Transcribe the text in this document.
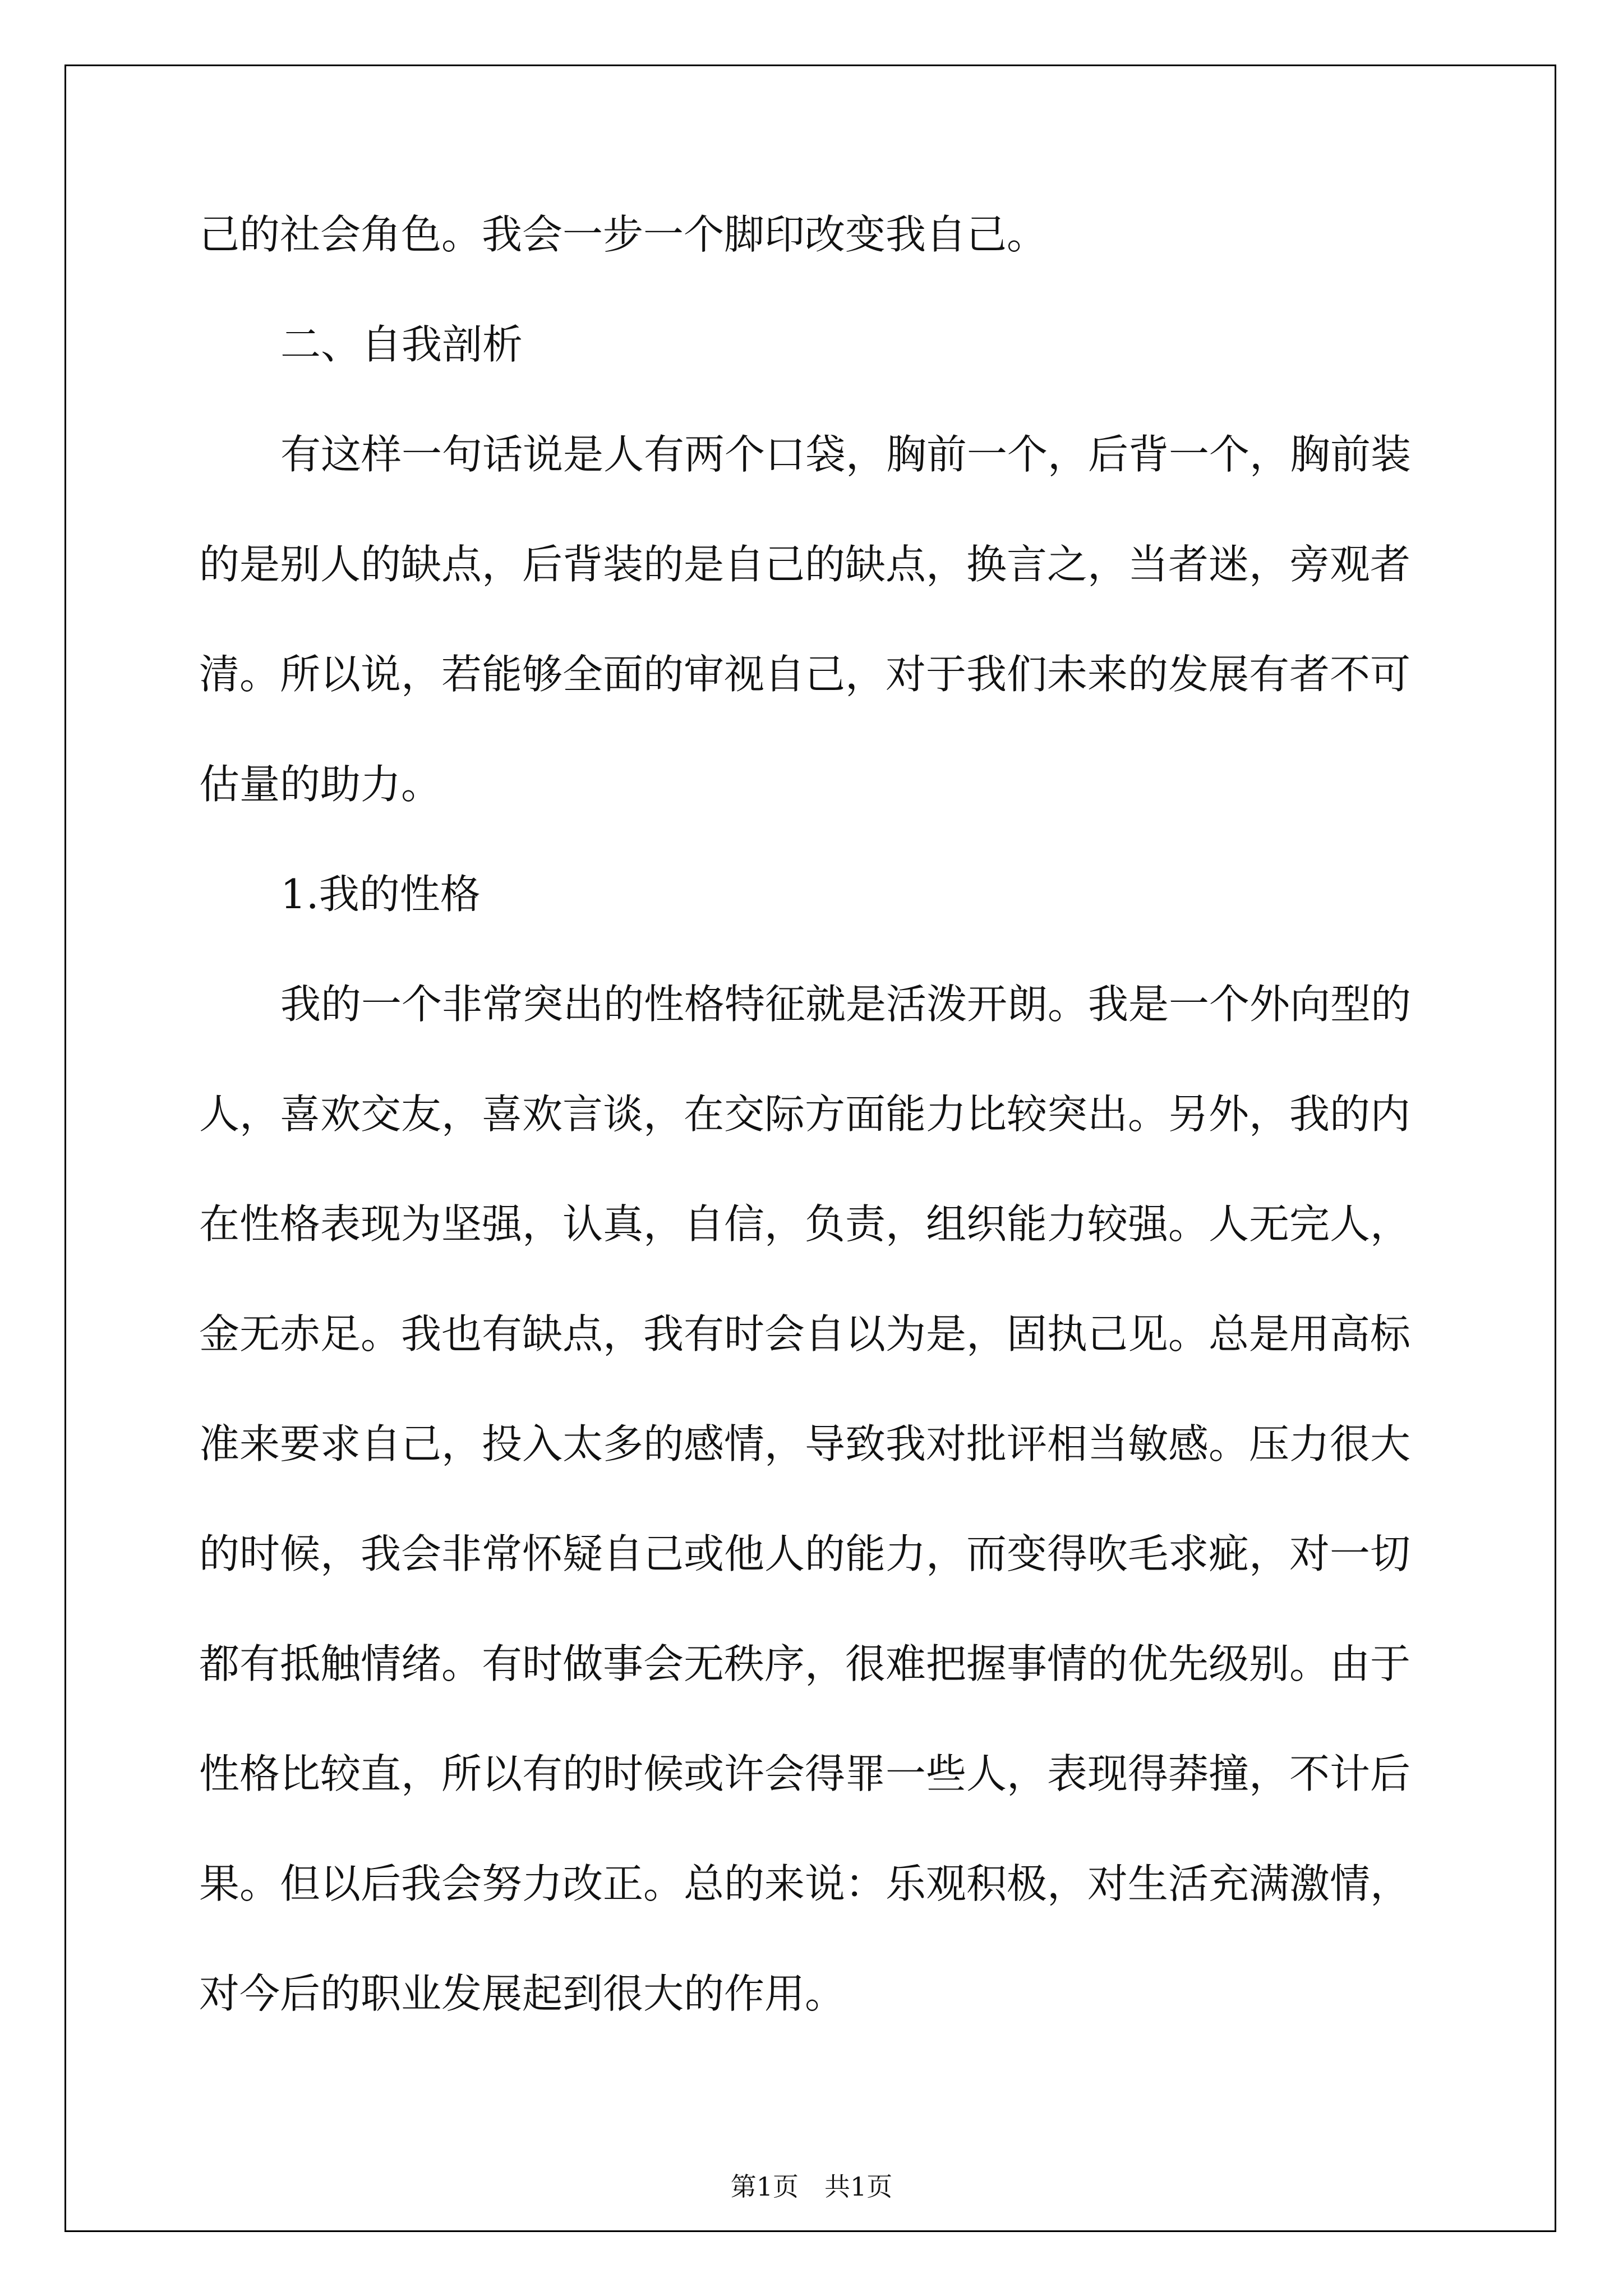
己的社会角色。我会一步一个脚印改变我自己。
二、自我剖析
有这样一句话说是人有两个口袋，胸前一个，后背一个，胸前装
的是别人的缺点，后背装的是自己的缺点，换言之，当者迷，旁观者
清。所以说，若能够全面的审视自己，对于我们未来的发展有者不可
估量的助力。
1.我的性格
我的一个非常突出的性格特征就是活泼开朗。我是一个外向型的
人，喜欢交友，喜欢言谈，在交际方面能力比较突出。另外，我的内
在性格表现为坚强，认真，自信，负责，组织能力较强。人无完人，
金无赤足。我也有缺点，我有时会自以为是，固执己见。总是用高标
准来要求自己，投入太多的感情，导致我对批评相当敏感。压力很大
的时候，我会非常怀疑自己或他人的能力，而变得吹毛求疵，对一切
都有抵触情绪。有时做事会无秩序，很难把握事情的优先级别。由于
性格比较直，所以有的时候或许会得罪一些人，表现得莽撞，不计后
果。但以后我会努力改正。总的来说：乐观积极，对生活充满激情，
对今后的职业发展起到很大的作用。
第1页　共1页
